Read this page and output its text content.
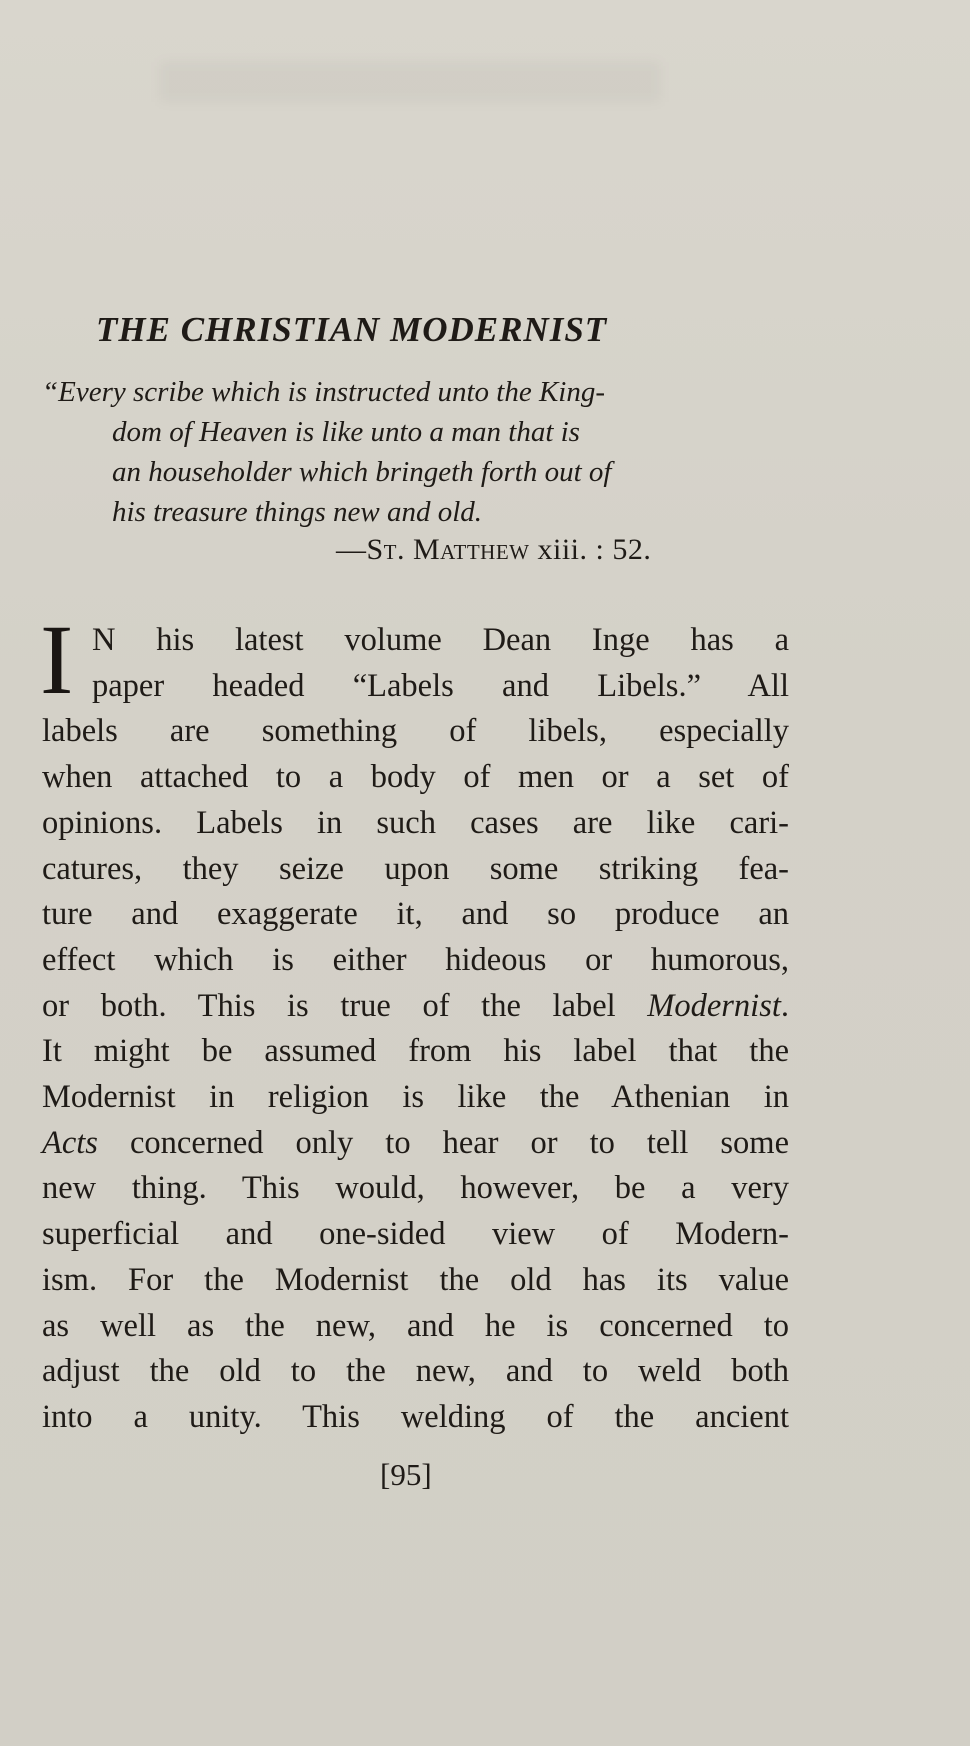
THE CHRISTIAN MODERNIST
“Every scribe which is instructed unto the King-
dom of Heaven is like unto a man that is
an householder which bringeth forth out of
his treasure things new and old.
—St. Matthew xiii. : 52.
I N his latest volume Dean Inge has a
paper headed “Labels and Libels.” All
labels are something of libels, especially
when attached to a body of men or a set of
opinions. Labels in such cases are like cari-
catures, they seize upon some striking fea-
ture and exaggerate it, and so produce an
effect which is either hideous or humorous,
or both. This is true of the label Modernist.
It might be assumed from his label that the
Modernist in religion is like the Athenian in
Acts concerned only to hear or to tell some
new thing. This would, however, be a very
superficial and one-sided view of Modern-
ism. For the Modernist the old has its value
as well as the new, and he is concerned to
adjust the old to the new, and to weld both
into a unity. This welding of the ancient
[95]
